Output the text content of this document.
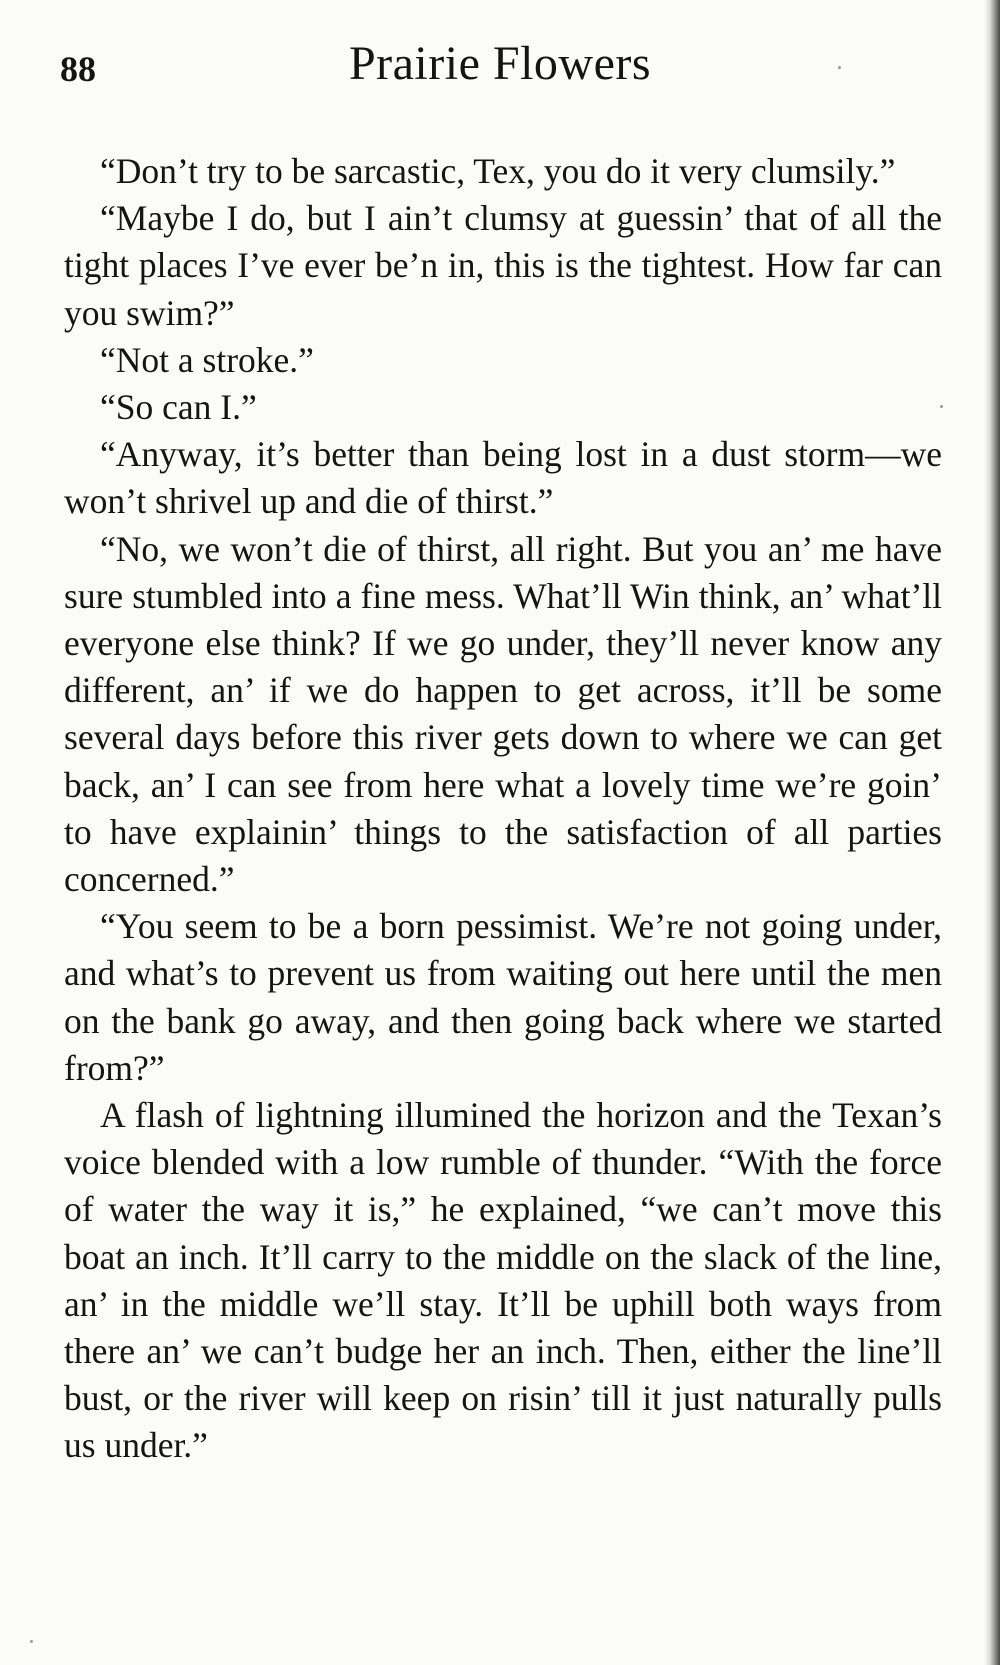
88	Prairie Flowers

“Don’t try to be sarcastic, Tex, you do it very clumsily.”

“Maybe I do, but I ain’t clumsy at guessin’ that of all the tight places I’ve ever be’n in, this is the tightest. How far can you swim?”

“Not a stroke.”

“So can I.”

“Anyway, it’s better than being lost in a dust storm—we won’t shrivel up and die of thirst.”

“No, we won’t die of thirst, all right. But you an’ me have sure stumbled into a fine mess. What’ll Win think, an’ what’ll everyone else think? If we go under, they’ll never know any different, an’ if we do happen to get across, it’ll be some several days before this river gets down to where we can get back, an’ I can see from here what a lovely time we’re goin’ to have explainin’ things to the satisfaction of all parties concerned.”

“You seem to be a born pessimist. We’re not going under, and what’s to prevent us from waiting out here until the men on the bank go away, and then going back where we started from?”

A flash of lightning illumined the horizon and the Texan’s voice blended with a low rumble of thunder. “With the force of water the way it is,” he explained, “we can’t move this boat an inch. It’ll carry to the middle on the slack of the line, an’ in the middle we’ll stay. It’ll be uphill both ways from there an’ we can’t budge her an inch. Then, either the line’ll bust, or the river will keep on risin’ till it just naturally pulls us under.”
